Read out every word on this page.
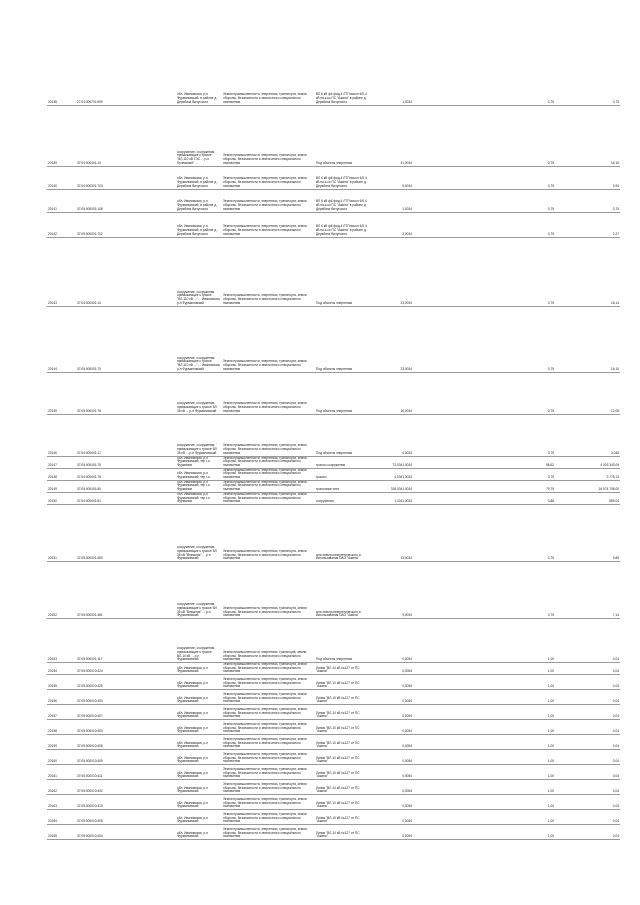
20138	27:04:000701:699		обл. Ивановская, р-н Фурмановский, в районе д. Дерябиха Вичугского	Земли промышленности, энергетики, транспорта, земли обороны, безопасности и земли иного специального назначения	ВЛ 6 кВ ф4 фид.4 ЛТП вкосл 6/0,4 кВ на-к-ко ПС "Ажина" в районе д. Дерябиха Вичугского	1,0034		0,75		0,75

20139	37:04:000401:10		сооружение, сооружения, примыкающие к трассе "ВЛ-110 кВ ГЭС ... р-н Пучежский" ...	Земли промышленности, энергетики, транспорта, земли обороны, безопасности и земли иного специального назначения	Под объекты энергетики	31,0034		0,75		16,16

20140	37:04:000501:703		обл. Ивановская, р-н Фурмановский, в районе д. Дерябиха Вичугского	Земли промышленности, энергетики, транспорта, земли обороны, безопасности и земли иного специального назначения	ВЛ 6 кВ ф6 фид.4 ЛТП вкосл 6/0,4 кВ на-к-ко ПС "Ажина" в районе д. Дерябиха Вичугского	5,0034		0,75		3,94

20141	37:05:000001:108		обл. Ивановская, р-н Фурмановский, в районе д. Дерябиха Вичугского	Земли промышленности, энергетики, транспорта, земли обороны, безопасности и земли иного специального назначения	ВЛ 6 кВ ф6 фид.4 ЛТП вкосл 6/0,4 кВ на-к-ко ПС "Ажина" в районе д. Дерябиха Вичугского	1,0034		0,75		0,75

20142	37:05:000001:702		обл. Ивановская, р-н Фурмановский, в районе д. Дерябиха Вичугского	Земли промышленности, энергетики, транспорта, земли обороны, безопасности и земли иного специального назначения	ВЛ 6 кВ ф6 фид.4 ЛТП вкосл 6/0,4 кВ на-к-ко ПС "Ажина" в районе д. Дерябиха Вичугского	3,0034		0,75		2,27

20143	37:04:000401:14		сооружение, сооружения, примыкающие к трассе "ВЛ-110 кВ ..." ... Ивановская, р-н Фурмановский	Земли промышленности, энергетики, транспорта, земли обороны, безопасности и земли иного специального назначения	Под объекты энергетики	23,0034		0,75		16,14

20144	37:05:000001:70		сооружение, сооружения, примыкающие к трассе "ВЛ-110 кВ ..." ... Ивановская, р-н Фурмановский	Земли промышленности, энергетики, транспорта, земли обороны, безопасности и земли иного специального назначения	Под объекты энергетики	23,0034		0,75		16,10

20145	37:05:000001:76		сооружение, сооружения, примыкающие к трассе ВЛ 35 кВ ... р-н Фурмановский	Земли промышленности, энергетики, транспорта, земли обороны, безопасности и земли иного специального назначения	Под объекты энергетики	16,0034		0,75		12,05

20146	37:04:000401:17		сооружение, сооружения, примыкающие к трассе ВЛ 35 кВ ... р-н Фурмановский	Земли промышленности, энергетики, транспорта, земли обороны, безопасности и земли иного специального назначения	Под объекты энергетики	4,0034		0,75		3,045

20147	37:05:000401:75		обл. Ивановская, р-н Фурмановский, тер г.о. Фурманов	Земли промышленности, энергетики, транспорта, земли обороны, безопасности и земли иного специального назначения	трассы сооружения	73,0341,0034		58,62		4 003 343,09

20148	37:04:000401:78		обл. Ивановская, р-н Фурмановский, тер г.о.	Земли промышленности, энергетики, транспорта, земли обороны, безопасности и земли иного специального назначения	трассы	4,0341,0034		0,75		3 778,74

20149	37:05:000401:80		обл. Ивановская, р-н Фурмановский, тер г.о. Фурманов	Земли промышленности, энергетики, транспорта, земли обороны, безопасности и земли иного специального назначения	трассовые сети	318,0341,0034		79,75		16 974 708,00

20150	37:04:000401:81		обл. Ивановская, р-н Фурмановский, тер г.о. Фурманов	Земли промышленности, энергетики, транспорта, земли обороны, безопасности и земли иного специального назначения	сооружения	1,0311,0034		0,88		889,04

20151	37:05:000001:480		сооружение, сооружения, примыкающие к трассе ВЛ 35 кВ "Внешняя" ... р-н Фурмановский	Земли промышленности, энергетики, транспорта, земли обороны, безопасности и земли иного специального назначения	для электроэнергетического и использования ОАО "Ажина"	13,0034		0,75		9,89

20152	37:05:000001:481		сооружение, сооружения, примыкающие к трассе ВЛ 35 кВ "Внешняя" ... р-н Фурмановский	Земли промышленности, энергетики, транспорта, земли обороны, безопасности и земли иного специального назначения	для электроэнергетического и использования ОАО "Ажина"	9,0034		0,75		7,14

20153	37:05:000001:117		сооружение, сооружения, примыкающие к трассе ВЛ-10 кВ ... р-н Фурмановский	Земли промышленности, энергетики, транспорta, земли обороны, безопасности и земли иного специального назначения	Под объекты энергетики	0,0054		1,00		0,04

20154	37:05:000010:424		обл. Ивановская, р-н Фурмановский	Земли промышленности, энергетики, транспорта, земли обороны, безопасности и земли иного специального назначения	Линия "ВЛ-10 кВ №127 от ПС "Ажина"	0,0054		1,00		0,04

20155	37:05:000010:425		обл. Ивановская, р-н Фурмановский	Земли промышленности, энергетики, транспорта, земли обороны, безопасности и земли иного специального назначения	Линия "ВЛ-10 кВ №127 от ПС "Ажина"	0,0054		1,00		0,04

20156	37:05:000010:403		обл. Ивановская, р-н Фурмановский	Земли промышленности, энергетики, транспорта, земли обороны, безопасности и земли иного специального назначения	Линия "ВЛ-10 кВ №127 от ПС "Ажина"	0,0054		1,00		0,04

20157	37:05:000010:407		обл. Ивановская, р-н Фурмановский	Земли промышленности, энергетики, транспорта, земли обороны, безопасности и земли иного специального назначения	Линия "ВЛ-10 кВ №127 от ПС "Ажина"	0,0054		1,00		0,04

20158	37:05:000010:400		обл. Ивановская, р-н Фурмановский	Земли промышленности, энергетики, транспорта, земли обороны, безопасности и земли иного специального назначения	Линия "ВЛ-10 кВ №127 от ПС "Ажина"	0,0054		1,00		0,04

20159	37:05:000010:408		обл. Ивановская, р-н Фурмановский	Земли промышленности, энергетики, транспорта, земли обороны, безопасности и земли иного специального назначения	Линия "ВЛ-10 кВ №127 от ПС "Ажина"	0,0054		1,00		0,04

20160	37:05:000010:409		обл. Ивановская, р-н Фурмановский	Земли промышленности, энергетики, транспорта, земли обороны, безопасности и земли иного специального назначения	Линия "ВЛ-10 кВ №127 от ПС "Ажина"	0,0054		1,00		0,04

20161	37:05:000010:411		обл. Ивановская, р-н Фурмановский	Земли промышленности, энергетики, транспорта, земли обороны, безопасности и земли иного специального назначения	Линия "ВЛ-10 кВ №127 от ПС "Ажина"	0,0054		1,00		0,04

20162	37:05:000010:402		обл. Ивановская, р-н Фурмановский	Земли промышленности, энергетики, транспорта, земли обороны, безопасности и земли иного специального назначения	Линия "ВЛ-10 кВ №127 от ПС "Ажина"	0,0054		1,00		0,04

20163	37:05:000010:410		обл. Ивановская, р-н Фурмановский	Земли промышленности, энергетики, транспорта, земли обороны, безопасности и земли иного специального назначения	Линия "ВЛ-10 кВ №127 от ПС "Ажина"	0,0054		1,00		0,04

20164	37:05:000010:405		обл. Ивановская, р-н Фурмановский	Земли промышленности, энергетики, транспорта, земли обороны, безопасности и земли иного специального назначения	Линия "ВЛ-10 кВ №127 от ПС "Ажина"	0,0054		1,00		0,04

20165	37:05:000010:404		обл. Ивановская, р-н Фурмановский	Земли промышленности, энергетики, транспорта, земли обороны, безопасности и земли иного специального назначения	Линия "ВЛ-10 кВ №127 от ПС "Ажина"	0,0054		1,00		0,04
